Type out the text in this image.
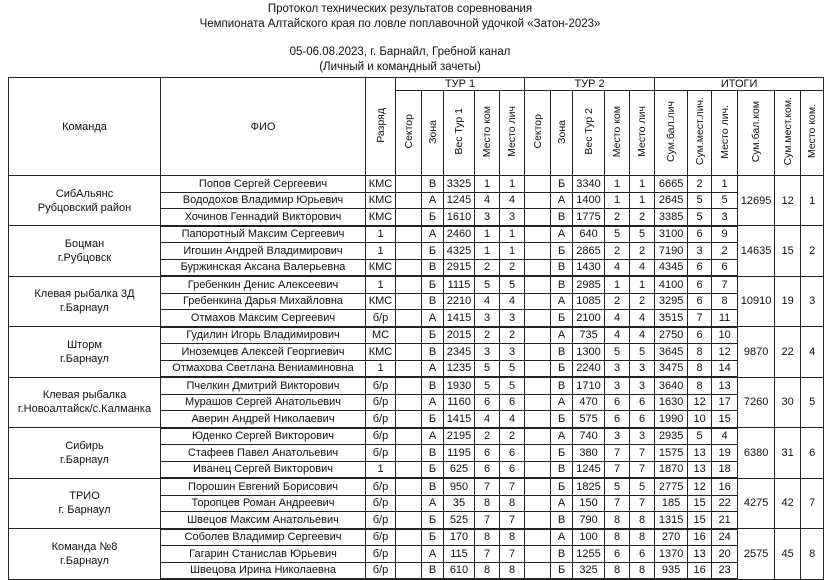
Протокол технических результатов соревнования
Чемпионата Алтайского края по ловле поплавочной удочкой «Затон-2023»
05-06.08.2023, г. Барнайл, Гребной канал
(Личный и командный зачеты)
Команда	ФИО	Разряд	ТУР 1					ТУР 2					ИТОГИ					
			Сектор	Зона	Вес Тур 1	Место ком	Место лич	Сектор	Зона	Вес Тур 2	Место ком	Место лич	Сум.бал.лич	Сум.мест.лич.	Место лич.	Сум.бал.ком	Сум.мест.ком.	Место ком.

СибАльянс
Рубцовский район	Попов Сергей Сергеевич	КМС		В	3325	1	1		Б	3340	1	1	6665	2	1	12695	12	1
	Вододохов Владимир Юрьевич	КМС		А	1245	4	4		А	1400	1	1	2645	5	5			
	Хочинов Геннадий Викторович	КМС		Б	1610	3	3		В	1775	2	2	3385	5	3			

Боцман
г.Рубцовск	Папоротный Максим Сергеевич	1		А	2460	1	1		А	640	5	5	3100	6	9	14635	15	2
	Игошин Андрей Владимирович	1		Б	4325	1	1		Б	2865	2	2	7190	3	2			
	Буржинская Аксана Валерьевна	КМС		В	2915	2	2		В	1430	4	4	4345	6	6			

Клевая рыбалка 3Д
г.Барнаул	Гребенкин Денис Алексеевич	1		Б	1115	5	5		В	2985	1	1	4100	6	7	10910	19	3
	Гребенкина Дарья Михайловна	КМС		В	2210	4	4		А	1085	2	2	3295	6	8			
	Отмахов Максим Сергеевич	б/р		А	1415	3	3		Б	2100	4	4	3515	7	11			

Шторм
г.Барнаул	Гудилин Игорь Владимирович	МС		Б	2015	2	2		А	735	4	4	2750	6	10	9870	22	4
	Иноземцев Алексей Георгиевич	КМС		В	2345	3	3		В	1300	5	5	3645	8	12			
	Отмахова Светлана Вениаминовна	1		А	1235	5	5		Б	2240	3	3	3475	8	14			

Клевая рыбалка
г.Новоалтайск/с.Калманка	Пчелкин Дмитрий Викторович	б/р		В	1930	5	5		В	1710	3	3	3640	8	13	7260	30	5
	Мурашов Сергей Анатольевич	б/р		А	1160	6	6		А	470	6	6	1630	12	17			
	Аверин Андрей Николаевич	б/р		Б	1415	4	4		Б	575	6	6	1990	10	15			

Сибирь
г.Барнаул	Юденко Сергей Викторович	б/р		А	2195	2	2		А	740	3	3	2935	5	4	6380	31	6
	Стафеев Павел Анатольевич	б/р		В	1195	6	6		Б	380	7	7	1575	13	19			
	Иванец Сергей Викторович	1		Б	625	6	6		В	1245	7	7	1870	13	18			

ТРИО
г. Барнаул	Порошин Евгений Борисович	б/р		В	950	7	7		Б	1825	5	5	2775	12	16	4275	42	7
	Торопцев Роман Андреевич	б/р		А	35	8	8		А	150	7	7	185	15	22			
	Швецов Максим Анатольевич	б/р		Б	525	7	7		В	790	8	8	1315	15	21			

Команда №8
г.Барнаул	Соболев Владимир Сергеевич	б/р		Б	170	8	8		А	100	8	8	270	16	24	2575	45	8
	Гагарин Станислав Юрьевич	б/р		А	115	7	7		В	1255	6	6	1370	13	20			
	Швецова Ирина Николаевна	б/р		В	610	8	8		Б	325	8	8	935	16	23			
